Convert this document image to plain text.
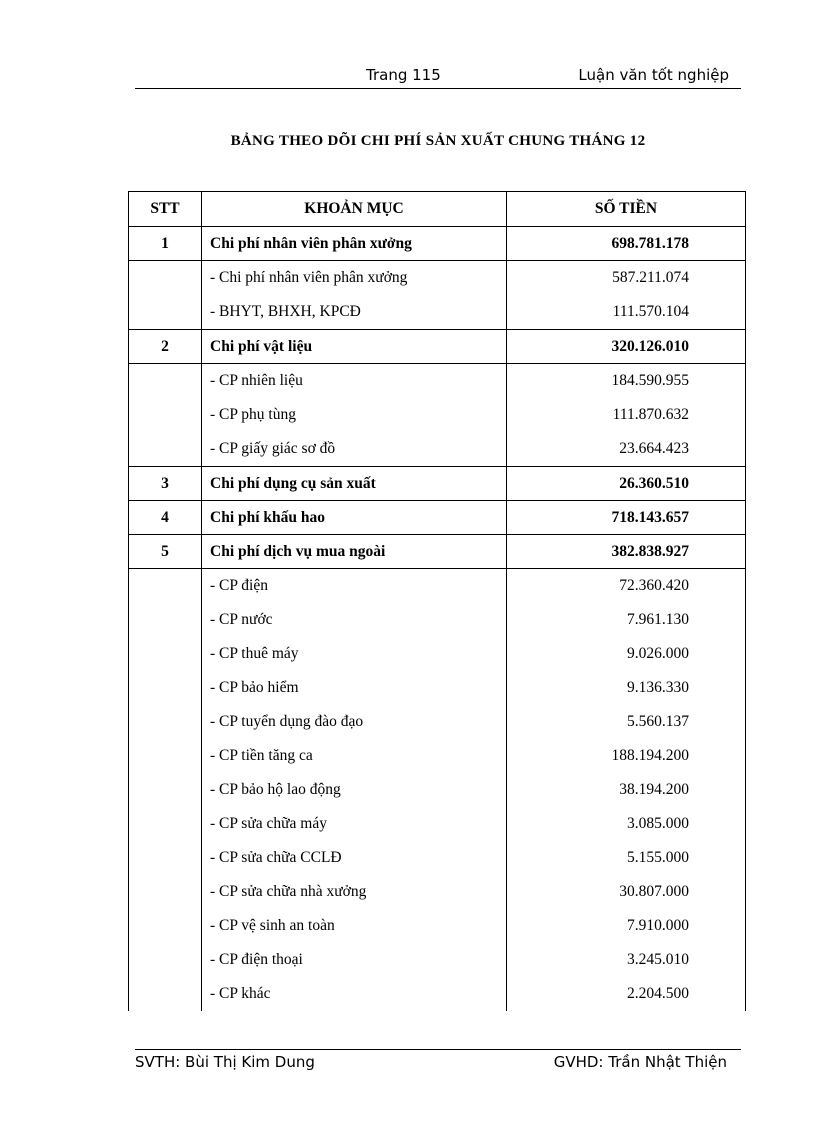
Trang 115	Luận văn tốt nghiệp
BẢNG THEO DÕI CHI PHÍ SẢN XUẤT CHUNG THÁNG 12
STT	KHOẢN MỤC	SỐ TIỀN
1	Chi phí nhân viên phân xưởng	698.781.178
	- Chi phí nhân viên phân xưởng	587.211.074
	- BHYT, BHXH, KPCĐ	111.570.104
2	Chi phí vật liệu	320.126.010
	- CP nhiên liệu	184.590.955
	- CP phụ tùng	111.870.632
	- CP giấy giác sơ đồ	23.664.423
3	Chi phí dụng cụ sản xuất	26.360.510
4	Chi phí khấu hao	718.143.657
5	Chi phí dịch vụ mua ngoài	382.838.927
	- CP điện	72.360.420
	- CP nước	7.961.130
	- CP thuê máy	9.026.000
	- CP bảo hiểm	9.136.330
	- CP tuyển dụng đào đạo	5.560.137
	- CP tiền tăng ca	188.194.200
	- CP bảo hộ lao động	38.194.200
	- CP sửa chữa máy	3.085.000
	- CP sửa chữa CCLĐ	5.155.000
	- CP sửa chữa nhà xưởng	30.807.000
	- CP vệ sinh an toàn	7.910.000
	- CP điện thoại	3.245.010
	- CP khác	2.204.500
SVTH: Bùi Thị Kim Dung	GVHD: Trần Nhật Thiện
